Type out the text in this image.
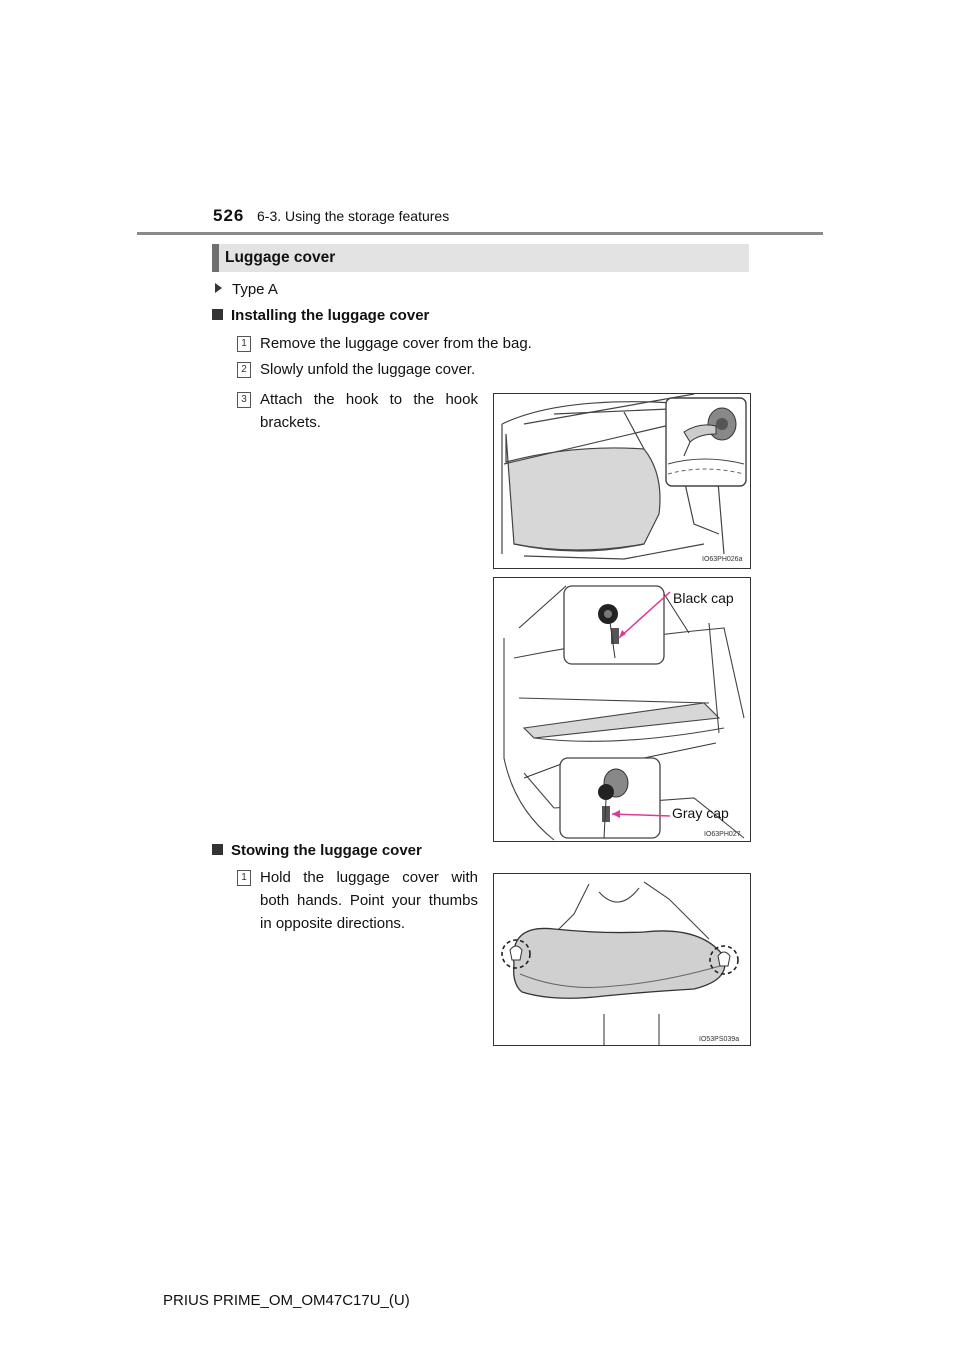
526 6-3. Using the storage features
Luggage cover
Type A
Installing the luggage cover
1 Remove the luggage cover from the bag.
2 Slowly unfold the luggage cover.
3 Attach the hook to the hook brackets.
IO63PH026a
Black cap
Gray cap
IO63PH027
Stowing the luggage cover
1 Hold the luggage cover with both hands. Point your thumbs in opposite directions.
IO53PS039a
PRIUS PRIME_OM_OM47C17U_(U)
